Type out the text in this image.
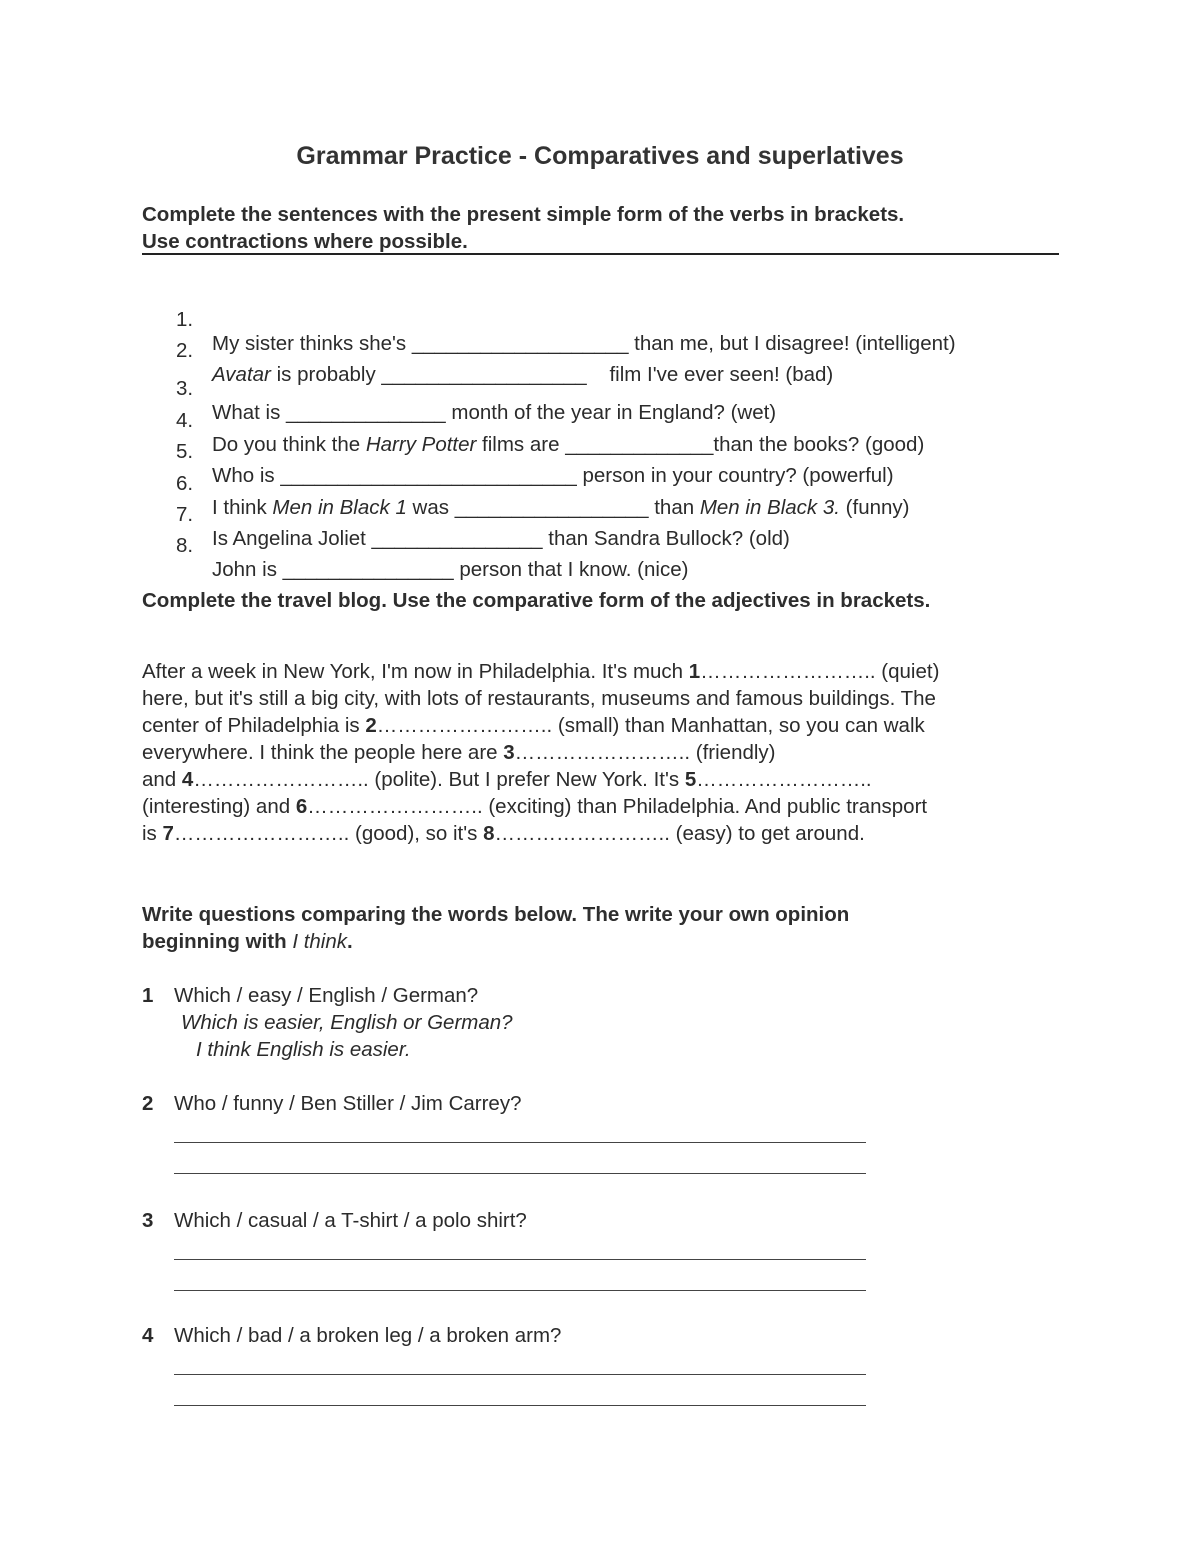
Grammar Practice - Comparatives and superlatives
Complete the sentences with the present simple form of the verbs in brackets.
Use contractions where possible.

1.

My sister thinks she's ___________________ than me, but I disagree! (intelligent)

2.

Avatar is probably __________________    film I've ever seen! (bad)

3.

What is ______________ month of the year in England? (wet)

4.

Do you think the Harry Potter films are _____________than the books? (good)

5.

Who is __________________________ person in your country? (powerful)

6.

I think Men in Black 1 was _________________ than Men in Black 3. (funny)

7.

Is Angelina Joliet _______________ than Sandra Bullock? (old)

8.

John is _______________ person that I know. (nice)

Complete the travel blog. Use the comparative form of the adjectives in brackets.
After a week in New York, I'm now in Philadelphia. It's much 1…………………….. (quiet)
here, but it's still a big city, with lots of restaurants, museums and famous buildings. The
center of Philadelphia is 2…………………….. (small) than Manhattan, so you can walk
everywhere. I think the people here are 3…………………….. (friendly)
and 4…………………….. (polite). But I prefer New York. It's 5……………………..
(interesting) and 6…………………….. (exciting) than Philadelphia. And public transport
is 7…………………….. (good), so it's 8…………………….. (easy) to get around.
Write questions comparing the words below. The write your own opinion
beginning with I think.
1 Which / easy / English / German?
Which is easier, English or German?
I think English is easier.
2 Who / funny / Ben Stiller / Jim Carrey?
3 Which / casual / a T-shirt / a polo shirt?
4 Which / bad / a broken leg / a broken arm?
